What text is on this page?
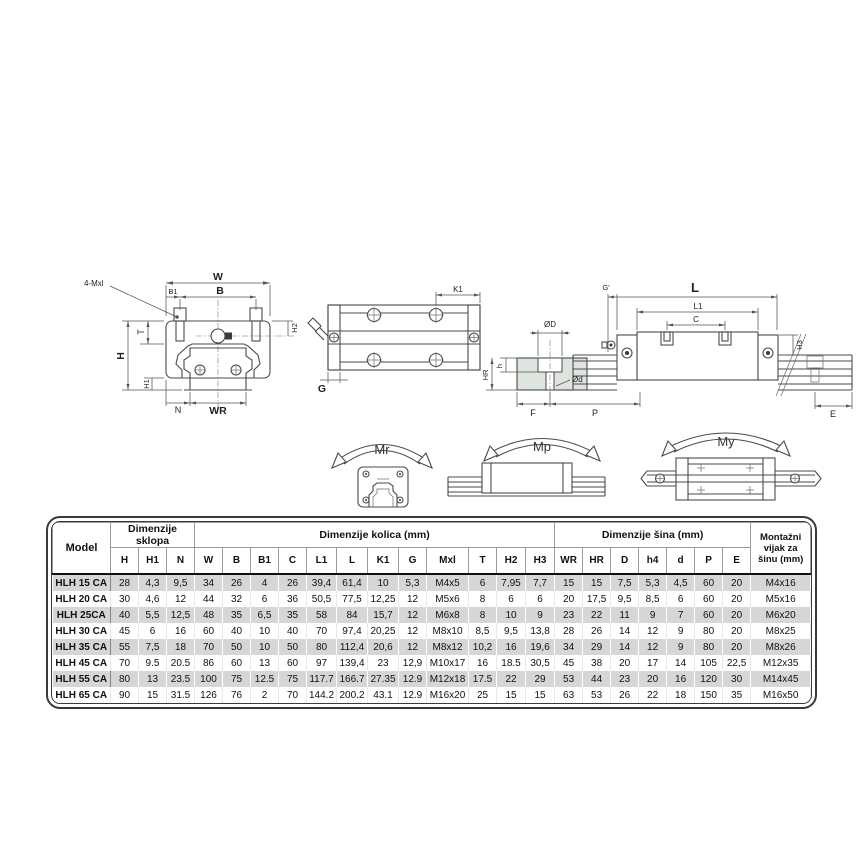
4-Mxl
W
B1	B
H2
T
H
H1
N	WR
K1
G
ØD
h
HR	Ød
F	P
G'	L
L1
C
H3
E
Mr	Mp	My
Model	Dimenzije sklopa			Dimenzije kolica (mm)												Dimenzije šina (mm)							Montažni vijak za šinu (mm)
	H	H1	N	W	B	B1	C	L1	L	K1	G	Mxl	T	H2	H3	WR	HR	D	h4	d	P	E	
HLH 15 CA	28	4,3	9,5	34	26	4	26	39,4	61,4	10	5,3	M4x5	6	7,95	7,7	15	15	7,5	5,3	4,5	60	20	M4x16
HLH 20 CA	30	4,6	12	44	32	6	36	50,5	77,5	12,25	12	M5x6	8	6	6	20	17,5	9,5	8,5	6	60	20	M5x16
HLH 25CA	40	5,5	12,5	48	35	6,5	35	58	84	15,7	12	M6x8	8	10	9	23	22	11	9	7	60	20	M6x20
HLH 30 CA	45	6	16	60	40	10	40	70	97,4	20,25	12	M8x10	8,5	9,5	13,8	28	26	14	12	9	80	20	M8x25
HLH 35 CA	55	7,5	18	70	50	10	50	80	112,4	20,6	12	M8x12	10,2	16	19,6	34	29	14	12	9	80	20	M8x26
HLH 45 CA	70	9.5	20.5	86	60	13	60	97	139,4	23	12,9	M10x17	16	18.5	30,5	45	38	20	17	14	105	22,5	M12x35
HLH 55 CA	80	13	23.5	100	75	12.5	75	117.7	166.7	27.35	12.9	M12x18	17.5	22	29	53	44	23	20	16	120	30	M14x45
HLH 65 CA	90	15	31.5	126	76	2	70	144.2	200.2	43.1	12.9	M16x20	25	15	15	63	53	26	22	18	150	35	M16x50
